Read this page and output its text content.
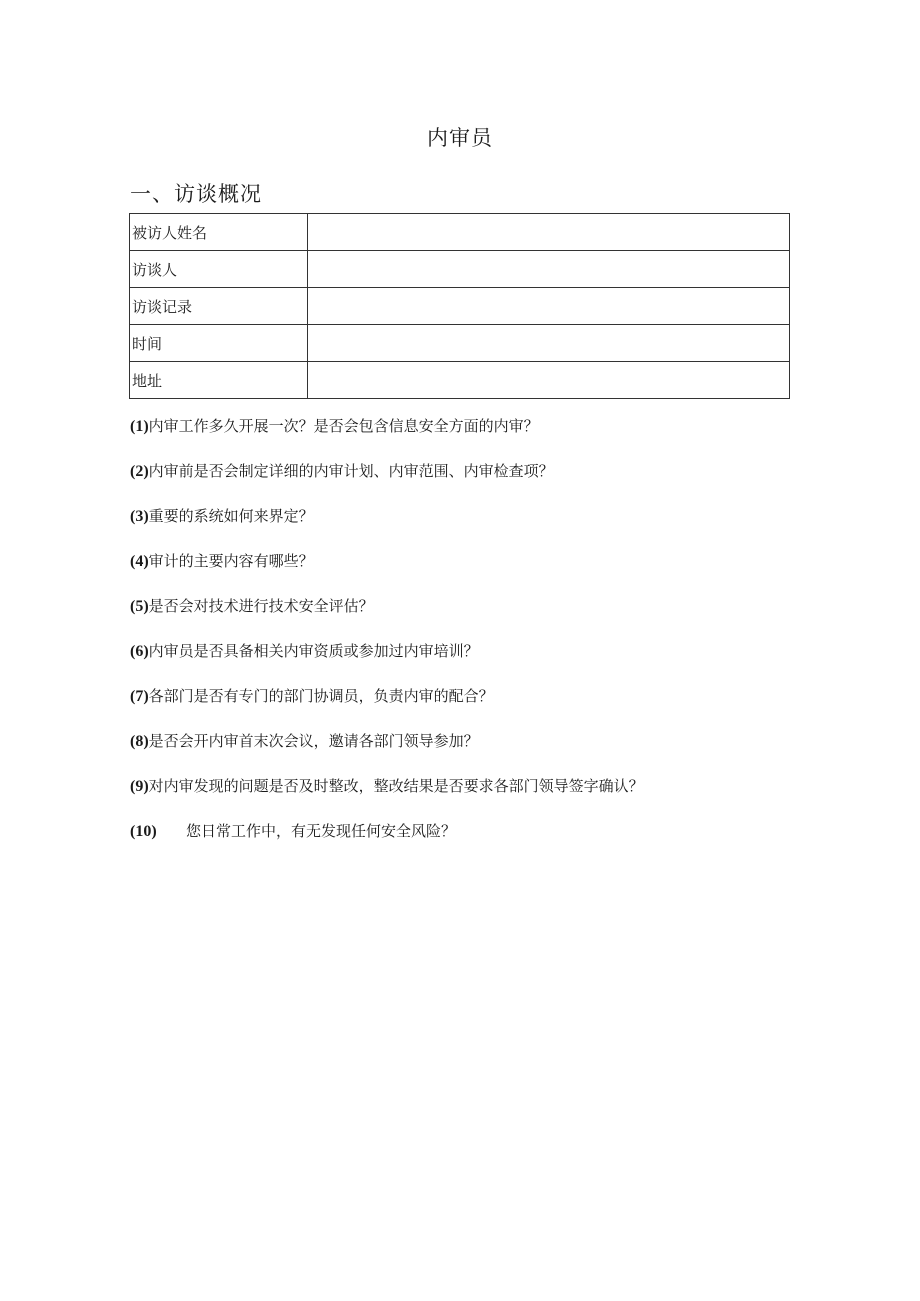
内审员
一、访谈概况
被访人姓名	
访谈人	
访谈记录	
时间	
地址	
(1)内审工作多久开展一次？是否会包含信息安全方面的内审？
(2)内审前是否会制定详细的内审计划、内审范围、内审检查项？
(3)重要的系统如何来界定？
(4)审计的主要内容有哪些？
(5)是否会对技术进行技术安全评估？
(6)内审员是否具备相关内审资质或参加过内审培训？
(7)各部门是否有专门的部门协调员，负责内审的配合？
(8)是否会开内审首末次会议，邀请各部门领导参加？
(9)对内审发现的问题是否及时整改，整改结果是否要求各部门领导签字确认？
(10) 您日常工作中，有无发现任何安全风险？
